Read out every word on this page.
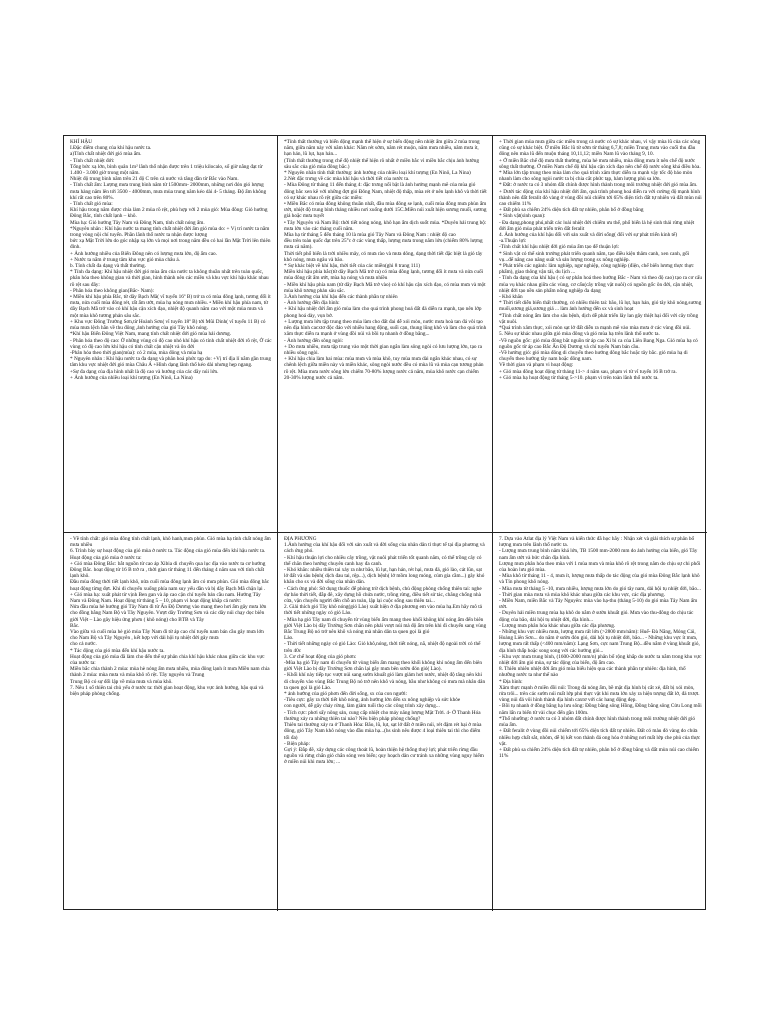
KHÍ HẬU
I.Đặc điểm chung của khí hậu nước ta.
a)Tính chất nhiệt đới gió mùa ẩm.
- Tính chất nhiệt đới:
Tổng bức xạ lớn, bình quân 1m² lãnh thổ nhận được trên 1 triệu kilocalo, số giờ nắng đạt từ 1.400 - 3.000 giờ trong một năm.
Nhiệt độ trung bình năm trên 21 độ C trên cả nước và tăng dần từ Bắc vào Nam.
- Tính chất ẩm: Lượng mưa trung bình năm từ 1500mm- 2000mm, những nơi đón gió lượng mưa hàng năm lên tới 3500 - 4000mm, mưa mùa trung năm kéo dài 4- 5 tháng. Độ ẩm không khí rất cao trên 80%.
- Tính chất gió mùa:
Khí hậu trong năm được chia làm 2 mùa rõ rệt, phù hợp với 2 mùa gió: Mùa đông: Gió hướng Đông Bắc, tính chất lạnh – khô.
Mùa hạ: Gió hướng Tây Nam và Đông Nam, tính chất nóng ẩm.
*Nguyên nhân : Khí hậu nước ta mang tính chất nhiệt đới ẩm gió mùa do: + Vị trí nước ta nằm trong vòng nội chí tuyến. Phần lãnh thổ nước ta nhận được lượng
bức xạ Mặt Trời lớn do góc nhập xạ lớn và mọi nơi trong năm đều có hai lần Mặt Trời lên thiên đỉnh.
+ Ảnh hưởng nhiều của Biển Đông nên có lượng mưa lớn, độ ẩm cao.
+ Nước ta nằm ở trung tâm khu vực gió mùa châu á.
b. Tính chất đa dạng và thất thường.
* Tính đa dạng: Khí hậu nhiệt đới gió mùa ẩm của nước ta không thuần nhất trên toàn quốc, phân hóa theo không gian và thời gian, hình thành nên các miền và khu vực khí hậu khác nhau rõ rệt sau đây:
- Phân hóa theo không gian(Bắc- Nam):
• Miền khí hậu phía Bắc, từ dãy Bạch Mã( vĩ tuyến 16º B) trở ra có mùa đông lạnh, tương đối ít mưa, nửa cuối mùa đông rét, rất ẩm ướt, mùa hạ nóng mưa nhiều. • Miền khí hậu phía nam, từ dãy Bạch Mã trở vào có khí hậu cận xích đạo, nhiệt độ quanh năm cao với một mùa mưa và một mùa khô tương phản sâu sắc.
+ Khu vực Đông Trường Sơn,từ Hoành Sơn( vĩ tuyến 18º B) tới Mũi Dinh( vĩ tuyến 11 B) có mùa mưa lệch hẳn về thu đông ,ảnh hưởng của gió Tây khô nóng.
*Khí hậu Biển Đông Việt Nam, mang tính chất nhiệt đới gió mùa hải dương.
- Phân hóa theo độ cao: Ở những vùng có độ cao nhỏ khí hậu có tính chất nhiệt đới rõ rệt, Ở các vùng có độ cao lớn khí hậu có tính chất cận nhiệt và ôn đới
-Phân hóa theo thời gian(mùa): có 2 mùa, mùa đông và mùa hạ
* Nguyên nhân : Khí hậu nước ta đa dạng và phân hoá phức tạp do: +Vị trí địa lí nằm gần trung tâm khu vực nhiệt đới gió mùa Châu Á +Hình dạng lãnh thổ kéo dài nhưng hẹp ngang.
+Sự đa dạng của địa hình nhất là độ cao và hướng của các dãy núi lớn.
+ Ảnh hưởng của nhiều loại khí tượng (En Ninô, La Nina)
*Tính thất thường và biến động mạnh thể hiện ở sự biến động nền nhiệt ẩm giữa 2 mùa trong năm, giữa năm này với năm khác: Năm rét sớm, năm rét muộn, năm mưa nhiều, năm mưa ít, hạn hán, lũ lụt, hạn hán...
(Tính thất thường trong chế độ nhiệt thể hiện rõ nhất ở miền bắc vì miền bắc chịu ảnh hưởng sâu sắc của gió mùa đông bắc.)
* Nguyên nhân tính thất thường: ảnh hưởng của nhiều loại khí tượng (En Ninô, La Nina)
2.Nét đặc trưng về các mùa khí hậu và thời tiết của nước ta.
- Mùa Đông từ tháng 11 đến tháng 4: đặc trưng nổi bật là ảnh hưởng mạnh mẽ của mùa gió đông bắc xen kẽ với những đợt gió Đông Nam, nhiệt độ thấp, mùa rét ở nên lạnh khô và thời tiết có sự khác nhau rõ rệt giữa các miền:
• Miền Bắc có mùa đông không thuần nhất, đầu mùa đông se lạnh, cuối mùa đông mưa phùn ẩm ướt, nhiệt độ trung bình tháng nhiều nơi xuống dưới 15C.Miền núi xuất hiện sương muối, sương giá hoặc mưa tuyết
• Tây Nguyên và Nam Bộ: thời tiết nóng nóng, khô hạn ẩm dịch suốt mùa. *Duyên hải trung bộ: mưa lớn vào các tháng cuối năm.
Mùa hạ từ tháng 5 đến tháng 10 là mùa gió Tây Nam và Đông Nam : nhiệt độ cao
đều trên toàn quốc đạt trên 25°c ở các vùng thấp, lượng mưa trong năm lớn (chiếm 80% lượng mưa cả năm).
Thời tiết phổ biến là trời nhiều mây, có mưa rào và mưa dông, dạng thời tiết đặc biệt là gió tây khô nóng, mưa ngâu và bão.
* Sự khác biệt về khí hậu, thời tiết của các miền(ghi 8 trang 111)
Miền khí hậu phía bắc(từ dãy Bạch Mã trở ra) có mùa đông lạnh, tương đối ít mưa và nửa cuối mùa đông rất ẩm ướt, mùa hạ nóng và mưa nhiều
- Miền khí hậu phía nam (từ dãy Bạch Mã trở vào) có khí hậu cận xích đạo, có mùa mưa và một mùa khô tương phản sâu sắc.
3.Ảnh hưởng của khí hậu đến các thành phần tự nhiên
- Ảnh hưởng đến địa hình:
+ Khí hậu nhiệt đới ẩm gió mùa làm cho quá trình phong hoá đất đá diễn ra mạnh, tạo nên lớp phong hoá dày, vụn bở.
+ Lượng mưa lớn tập trung theo mùa làm cho đất đai dễ xói mòn, nước mưa hoà tan đá vôi tạo nên địa hình cacxtơ độc đáo với nhiều hang động, suối cạn, thung lũng khô và làm cho quá trình xâm thực diễn ra mạnh ở vùng đồi núi và bồi tụ nhanh ở đồng bằng...
- Ảnh hưởng đến sông ngòi:
+ Do mưa nhiều, mưa tập trung vào một thời gian ngắn làm sông ngòi có lưu lượng lớn, tạo ra nhiều sông ngòi.
+ Khí hậu chia làm hai mùa: mùa mưa và mùa khô, tuy mùa mưa dài ngắn khác nhau, có sự chênh lệch giữa miền này và miền khác, sông ngòi nước đều có mùa lũ và mùa cạn tương phản rõ rệt. Mùa mưa nước sông lớn chiếm 70-80% lượng nước cả năm, mùa khô nước cạn chiếm 20-30% lượng nước cả năm.
+ Thời gian mùa mưa giữa các miền trong cả nước có sự khác nhau, vì vậy mùa lũ của các sông cũng có sự khác biệt. Ở miền Bắc lũ từ sớm từ tháng 6,7,8; miền Trung mưa vào cuối thu đầu đông nên mùa lũ đến muộn tháng 10,11,12; miền Nam lũ vào tháng 9, 10.
+ Ở miền Bắc chế độ mưa thất thường, mùa hè mưa nhiều, mùa đông mưa ít nên chế độ nước sông thất thường. Ở miền Nam chế độ khí hậu cận xích đạo nên chế độ nước sông khá điều hòa.
* Mùa lớn tập trung theo mùa làm cho quá trình xâm thực diễn ra mạnh vậy tốc độ bảo mòn nhanh làm cho sông ngòi nước ta bị chia cắt phức tạp, hàm lượng phù sa lớn.
* Đất: ở nước ta có 3 nhóm đất chính được hình thành trong môi trường nhiệt đới gió mùa ẩm.
+ Dưới tác động của khí hậu nhiệt đới ẩm, quá trình phong hoá diễn ra với cường độ mạnh hình thành nên đất feralit đỏ vàng ở vùng đồi núi chiếm tới 65% diện tích đất tự nhiên và đất mùn núi cao chiếm 11%
+ Đất phù sa chiếm 24% diện tích đất tự nhiên, phân bố ở đồng bằng
* Sinh vật(sinh quan):
- Đa dạng,phong phú,nhất các loài nhiệt đới chiếm ưu thế, phổ biến là hệ sinh thái rừng nhiệt đới ẩm gió mùa phát triển trên đất feralit
4. Ảnh hưởng của khí hậu đối với sản xuất và đời sống( đối với sự phát triển kinh tế)
-a.Thuận lợi:
-Tính chất khí hậu nhiệt đới gió mùa ẩm tạo để thuận lợi:
* Sinh vật có thể sinh trưởng phát triển quanh năm, tạo điều kiện thâm canh, xen canh, gối vụ...để nâng cao năng suất và sản lượng trong sx nông nghiệp.
* Phát triển các ngành: lâm nghiệp, ngư nghiệp, công nghiệp (điện, chế biến lương thực thực phẩm), giao thông vận tải, du lịch ...
- Tính đa dạng của khí hậu ( có sự phân hoá theo hướng Bắc - Nam và theo độ cao) tạo ra cơ cấu mùa vụ khác nhau giữa các vùng, cơ cấu(cây trồng vật nuôi) có nguồn gốc ôn đới, cận nhiệt, nhiệt đới tạo nền sản phẩm nông nghiệp đa dạng
- Khó khăn
* Thời tiết diễn biến thất thường, có nhiều thiên tai: bão, lũ lụt, hạn hán, gió tây khô nóng,sương muối,sương giá,sương giá ... làm ảnh hưởng đến sx và sinh hoạt
*Tính chất nóng ẩm làm cho sâu bệnh, dịch dễ phát triển lây lan gây thiệt hại đối với cây trồng vật nuôi.
*Quá trình xâm thực, xói mòn sạt lở đất diễn ra mạnh mẽ vào mùa mưa ở các vùng đồi núi.
5. Nêu sự khác nhau giữa gió mùa đông và gió mùa hạ trên lãnh thổ nước ta.
-Về nguồn gốc: gió mùa đông bắt nguồn từ áp cao Xi bi ca của Liên Bang Nga. Gió mùa hạ có nguồn gốc từ áp cao Bắc Ấn Độ Dương và chí tuyến Nam bán cầu.
-Về hướng gió: gió mùa đông di chuyển theo hướng đông bắc hoặc tây bắc. gió mùa hạ di chuyển theo hướng tây nam hoặc đông nam.
Về thời gian và phạm vi hoạt động:
+ Gió mùa đông hoạt động từ tháng 11-> 4 năm sau, phạm vi từ vĩ tuyến 16 B trở ra.
+ Gió mùa hạ hoạt động từ tháng 5->10. phạm vi trên toàn lãnh thổ nước ta.
- Về tính chất: gió mùa đông tính chất lạnh, khô hanh,mưa phùn. Gió mùa hạ tính chất nóng ẩm mưa nhiều
6. Trình bày sự hoạt động của gió mùa ở nước ta. Tác động của gió mùa đến khí hậu nước ta.
Hoạt động của gió mùa ở nước ta:
+ Gió mùa Đông Bắc: bắt nguồn từ cao áp Xibia di chuyển qua lục địa vào nước ta cơ hướng Đông Bắc. hoạt động từ 16 B trở ra , thời gian từ tháng 11 đến tháng 4 năm sau với tính chất lạnh khô.
Đầu mùa đông thời tiết lạnh khô, nửa cuối mùa đông lạnh ẩm có mưa phùn. Gió mùa đông bắc hoạt động từng đợt. Khi di chuyển xuống phía nam suy yếu dần và bị dãy Bạch Mã chặn lại .
+ Gió mùa hạ: xuất phát từ vịnh Ben gan và áp cao cận chí tuyến bán cầu nam. Hướng Tây Nam và Đông Nam. Hoạt động từ tháng 5 – 10, phạm vi hoạt động khắp cả nước:
Nửa đầu mùa hè hướng gió Tây Nam đi từ Ấn Độ Dương vào mang theo hơi ẩm gây mưa lớn cho đồng bằng Nam Bộ và Tây Nguyên. Vượt dãy Trường Sơn và các dãy núi chạy dọc biên giới Việt – Lào gây hiệu ứng phơn ( khô nóng) cho BTB và Tây
Bắc.
Vào giữa và cuối mùa hè gió mùa Tây Nam đi từ áp cao chí tuyến nam bán cầu gây mưa lớn cho Nam Bộ và Tây Nguyên , kết hợp với dải hội tụ nhiệt đới gây mưa
cho cả nước.
* Tác động của gió mùa đến khí hậu nước ta.
Hoạt động của gió mùa đã làm cho đến thế sự phân chia khí hậu khác nhau giữa các khu vực của nước ta:
Miền bắc chia thành 2 mùa: mùa hè nóng ẩm mưa nhiều, mùa đông lạnh ít mưa Miền nam chia thành 2 mùa: mùa mưa và mùa khô rõ rệt. Tây nguyên và Trung
Trung Bộ có sự đối lập về mùa mưa và mùa khô.
7. Nêu 1 số thiên tai chủ yếu ở nước ta: thời gian hoạt động, khu vực ảnh hưởng, hậu quả và biện pháp phòng chống.
ĐỊA PHƯƠNG
1.Ảnh hưởng của khí hậu đối với sản xuất và đời sống của nhân dân tỉ thực tế tại địa phương và cách ứng phó.
- Khí hậu thuận lợi cho nhiều cây trồng, vật nuôi phát triển tốt quanh năm, có thể trồng cây có thể chăn theo hướng chuyên canh hay đa canh.
- Khó khăn: nhiều thiên tai xảy ra như bão, lũ lụt, hạn hán, rét hại, mưa đá, gió lào, cát lũn, sạt lở đất và sâu bệnh( dịch đau tai, rệp...), dịch bệnh( lở mồm long móng, cúm gia cầm...) gây khó khăn cho sx và đời sống của nhân dân.
- Cách ứng phó: Sử dụng thuốc để phòng trừ dịch bệnh, chủ động phòng chống thiên tai: nghe dự báo thời tiết, đắp đê, xây dựng hồ chứa nước, trồng rừng, điều tiết sử tác, chăng chống nhà cửa, vận chuyển người đến chỗ an toàn, lập lại cuộc sống sau thiên tai...
2. Giải thích gió Tây khô nóng(gió Lào) xuất hiện ở địa phương em vào mùa hạ.Em hãy mô tả thời tiết những ngày có gió Lào.
- Mùa hạ gió Tây nam di chuyển từ vùng biển ấm mang theo khối không khí nóng ẩm đến biên giới Việt Lào bị dãy Trường Sơn chắn nên phải vượt núi mà độ ẩm trên khi đi chuyển sang vùng Bắc Trung Bộ nó trở nên khô và nóng mà nhân dân ta quen gọi là gió
Lào.
- Thời tiết những ngày có gió Lào: Gió khô,nóng, thời tiết nóng, nắ, nhiệt độ ngoài trời có thể trên 40c
3. Cơ chế hoạt động của gió phơn:
-Mùa hạ gió Tây nam di chuyển từ vùng biển ấm mang theo khối không khí nóng ẩm đến biên giới Việt Lào bị dãy Trường Sơn chắn lại gây mưa bên sườn đón gió( Lào).
- Khối khí này tiếp tục vượt núi sang sườn khuất gió làm giảm hơi nước, nhiệt độ tăng nên khi di chuyển vào vùng Bắc Trung Bộ nó trở nên khô và nóng, bầu như không có mưa mà nhân dân ta quen gọi là gió Lào.
* ảnh hưởng của gió phơn đến đời sống, sx của con người:
-Tiêu cực: gây ra thời tiết khô nóng, ảnh hưởng lớn đến sx nông nghiệp và sức khỏe
con người, dễ gây cháy rừng, làm giảm tuổi thọ các công trình xây dựng...
- Tích cực: phơi sấy nông sản, cung cấp nhiệt cho máy năng lượng Mặt Trời. 4- Ở Thanh Hóa thường xảy ra những thiên tai nào? Nêu biện pháp phòng chống?
Thiên tai thường xảy ra ở Thanh Hóa: Bão, lũ, lụt, sạt lở đất ở miền núi, rét đậm rét hại ở mùa đông, gió Tây Nam khô nóng vào đầu mùa hạ...(hs sinh nêu được 4 loại thiên tai thì cho điểm tối đa)
- Biện pháp:
Gợi ý: Đắp đê, xây dựng các công thoát lũ, hoàn thiện hệ thống thuỷ lợi; phát triển rừng đầu nguồn và rừng chắn gió chắn sóng ven biển; quy hoạch dân cư tránh xa những vùng nguy hiểm ở miền núi khi mưa lớn; ...
7. Dựa vào Atlat địa lý Việt Nam và kiến thức đã học hãy : Nhận xét và giải thích sự phân bố lượng mưa trên lãnh thổ nước ta.
- Lượng mưa trung bình năm khá lớn, TB 1500 mm-2000 mm do ảnh hưởng của biển, gió Tây nam ẩm ướt và bức chắn địa hình.
Lượng mưa phân hóa theo mùa với 1 mùa mưa và mùa khô rõ rệt trong năm do chịu sự chi phối của hoàn lưu gió mùa.
- Mùa khô từ tháng 11 - 4, mưa ít, lượng mưa thấp do tác động của gió mùa Đông Bắc lạnh khô và Tín phong khô nóng.
- Mùa mưa từ tháng 5 -10, mưa nhiều, lượng mưa lớn do gió tây nam, dải hội tụ nhiệt đới, bão...
- Thời gian mùa mưa và mùa khô khác nhau giữa các khu vực, các địa phương.
- Miền Nam, miền Bắc và Tây Nguyên: mùa vào hạ-thu (tháng 5-10) do gió mùa Tây Nam ấm ướt.
- Duyên hải miền trung mùa hạ khô do nằm ở sườn khuất gió. Mưa vào thu-đông do chịu tác động của bão, dải hội tụ nhiệt đới, địa hình...
- Lượng mưa phân hóa khác nhau giữa các địa phương.
- Những khu vực nhiều mưa, lượng mưa rất lớn (>2800 mm/năm): Huế- Đà Nẵng, Móng Cái, Hoàng Liên Sơn... do nằm ở sườn đón gió, dải hội tụ nhiệt đới, bão... - Những khu vực ít mưa, lượng mưa rất thấp (<400 mm/năm): Lạng Sơn, cực nam Trung Bộ...đều nằm ở vùng khuất gió, địa hình thấp hoặc song song với các hướng gió...
- Khu vực mưa trung bình, (1600-2000 mm/n) phân bố rộng khắp do nước ta nằm trong khu vực nhiệt đới ẩm gió mùa, sự tác động của biển, độ ẩm cao.
8. Thiên nhiên nhiệt đới ẩm gió mùa biểu hiện qua các thành phần tự nhiên: địa hình, thổ nhưỡng nước ta như thế nào
* Địa hình:
Xâm thực mạnh ở miền đồi núi: Trong đá nóng ẩm, bề mặt địa hình bị cắt xẻ, đất bị xói mòn, rửa trôi... trên các sườn núi mất lớp phủ thực vật khi mưa lớn xảy ra hiện tượng đất lở, đá trượt. vùng núi đá vôi hình thành địa hình caxtơ với các hang động đẹp.
- Bồi tụ nhanh ở đồng bằng hạ lưu sông: Đồng bằng sông Hồng, Đồng bằng sông Cửu Long mỗi năm lấn ra biển từ vài chục đến gần 100m.
*Thổ nhưỡng: ở nước ta có 3 nhóm đất chính được hình thành trong môi trường nhiệt đới gió mùa ẩm.
+ Đất feralit ở vùng đồi núi chiếm tới 65% diện tích đất tự nhiên. Đất có màu đỏ vàng do chứa nhiều hợp chất sắt, nhôm, dễ bị kết von thành đá ong hóa ở những nơi mất lớp che phủ của thực vật.
+ Đất phù sa chiếm 24% diện tích đất tự nhiên, phân bố ở đồng bằng và đất mùn núi cao chiếm 11%
